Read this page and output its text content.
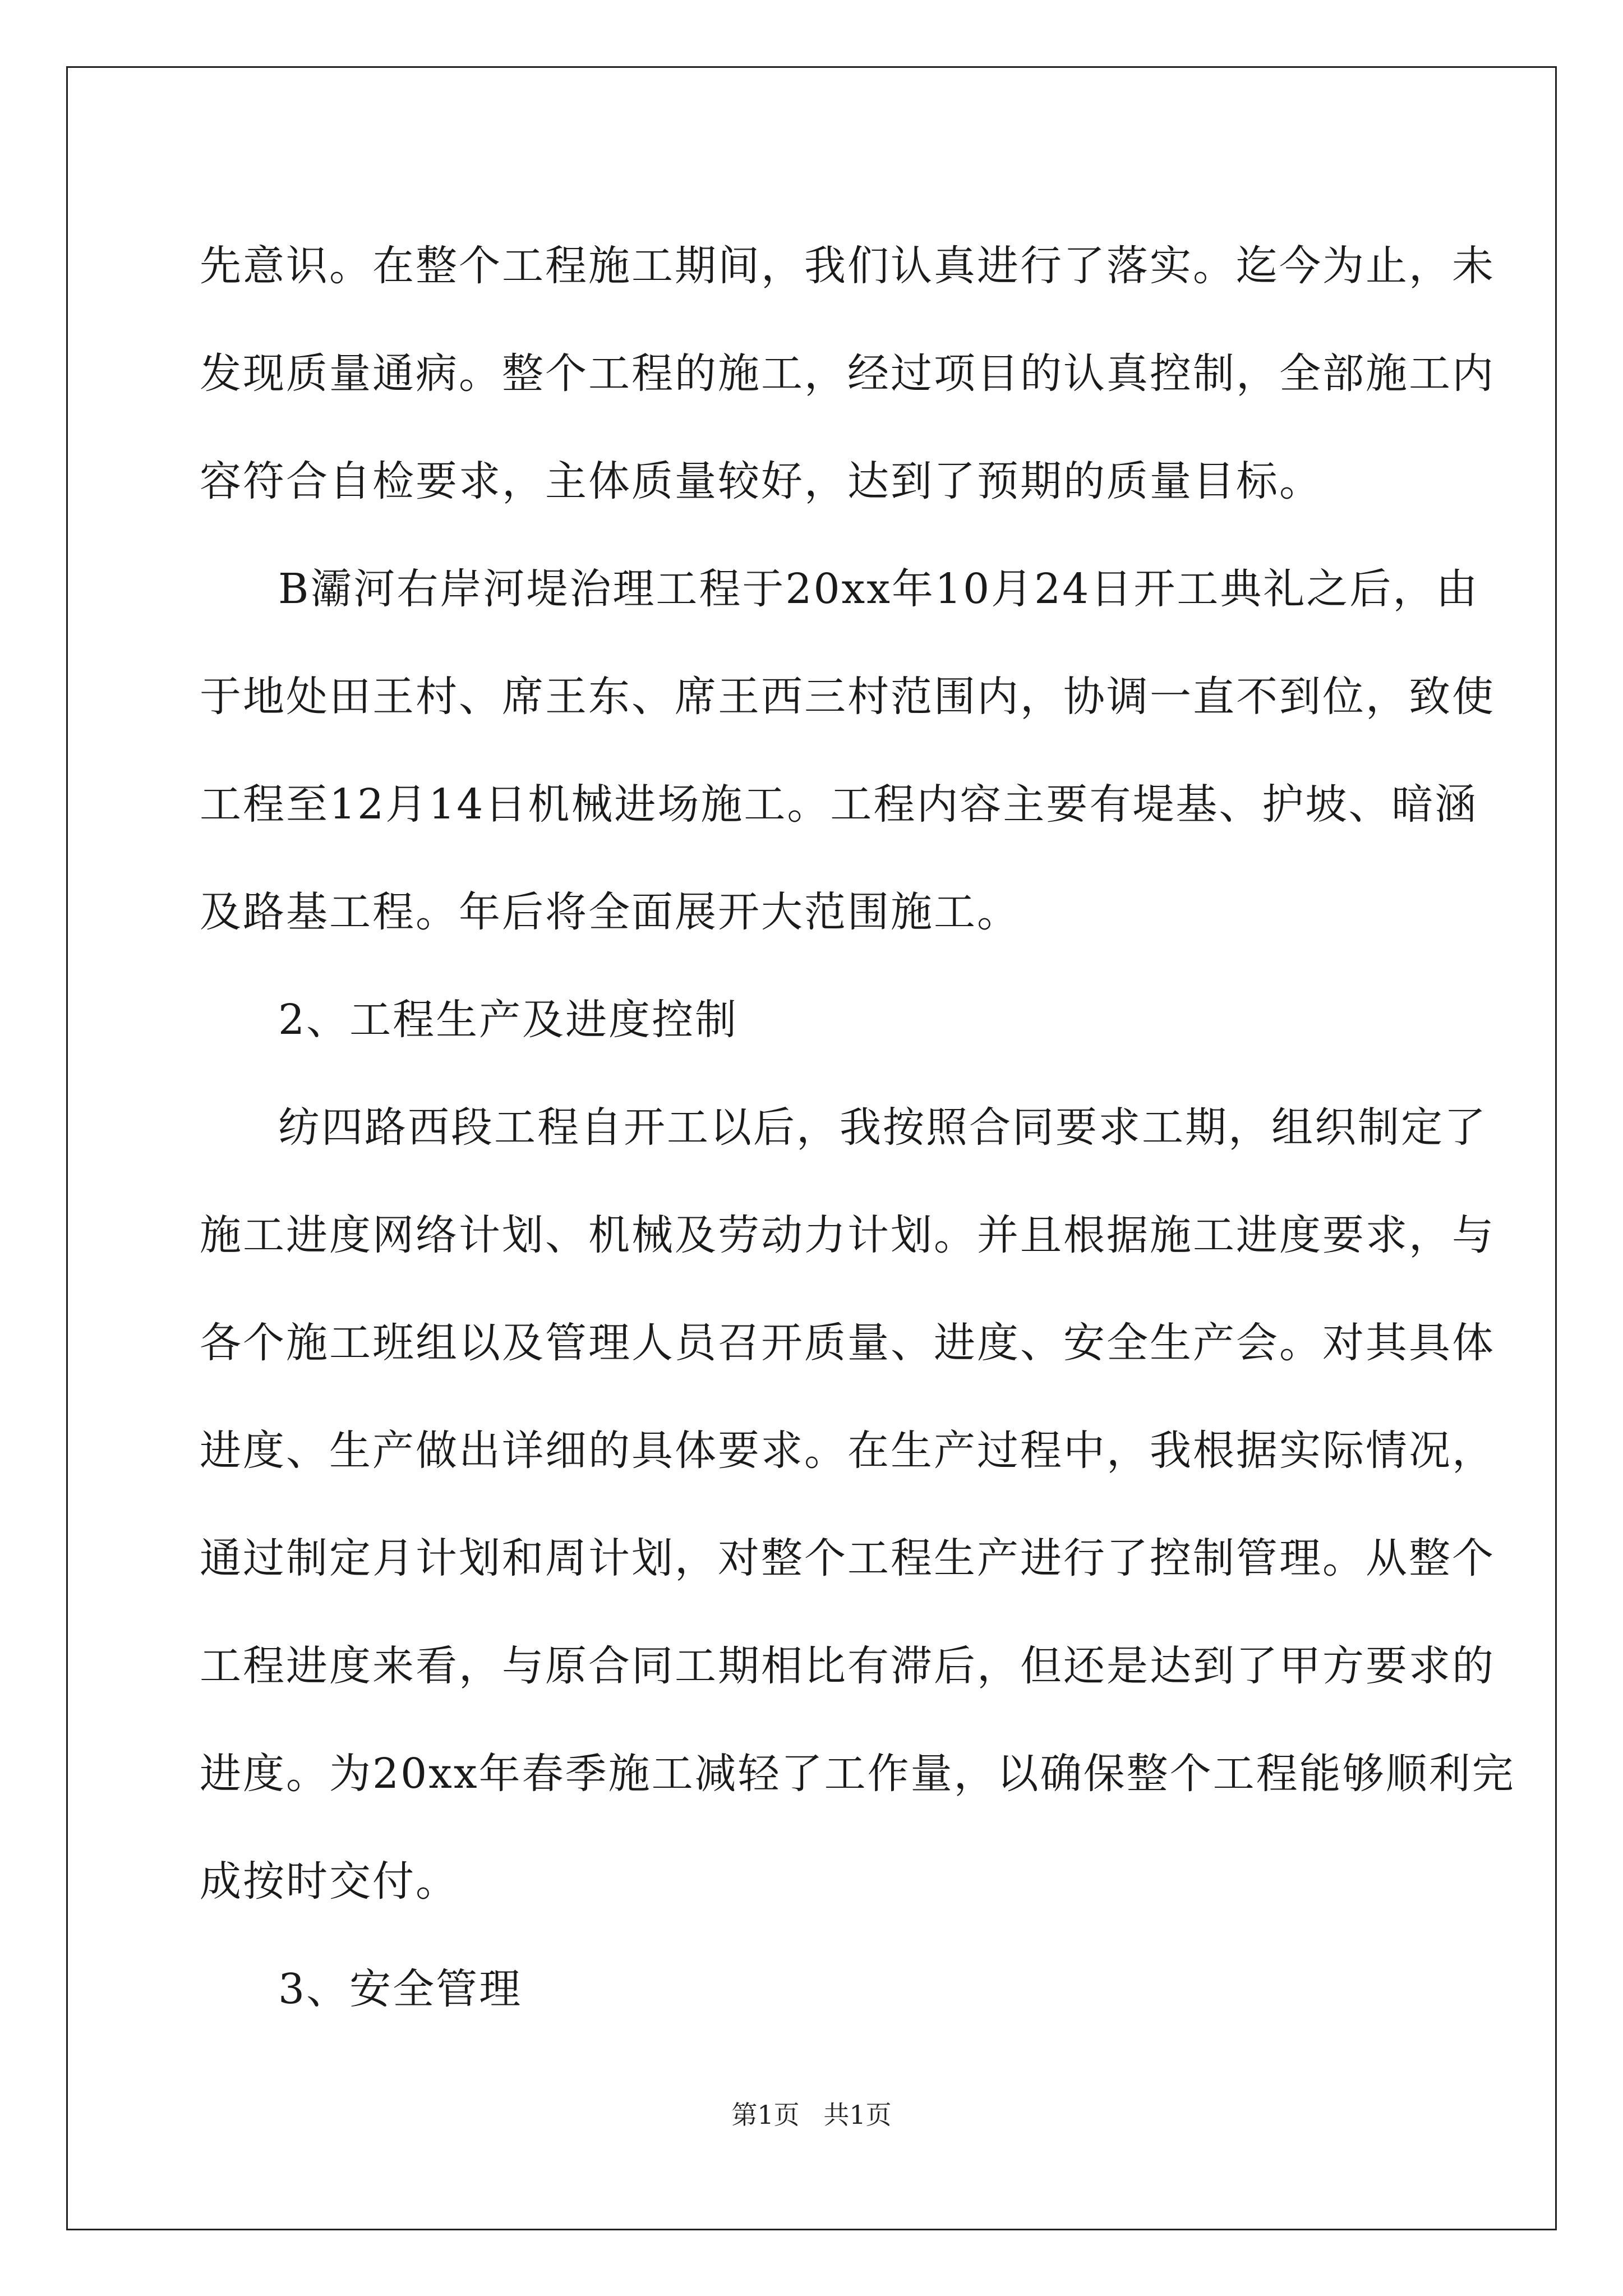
先意识。在整个工程施工期间，我们认真进行了落实。迄今为止，未
发现质量通病。整个工程的施工，经过项目的认真控制，全部施工内
容符合自检要求，主体质量较好，达到了预期的质量目标。
B灞河右岸河堤治理工程于20xx年10月24日开工典礼之后，由
于地处田王村、席王东、席王西三村范围内，协调一直不到位，致使
工程至12月14日机械进场施工。工程内容主要有堤基、护坡、暗涵
及路基工程。年后将全面展开大范围施工。
2、工程生产及进度控制
纺四路西段工程自开工以后，我按照合同要求工期，组织制定了
施工进度网络计划、机械及劳动力计划。并且根据施工进度要求，与
各个施工班组以及管理人员召开质量、进度、安全生产会。对其具体
进度、生产做出详细的具体要求。在生产过程中，我根据实际情况，
通过制定月计划和周计划，对整个工程生产进行了控制管理。从整个
工程进度来看，与原合同工期相比有滞后，但还是达到了甲方要求的
进度。为20xx年春季施工减轻了工作量，以确保整个工程能够顺利完
成按时交付。
3、安全管理
第1页 共1页
